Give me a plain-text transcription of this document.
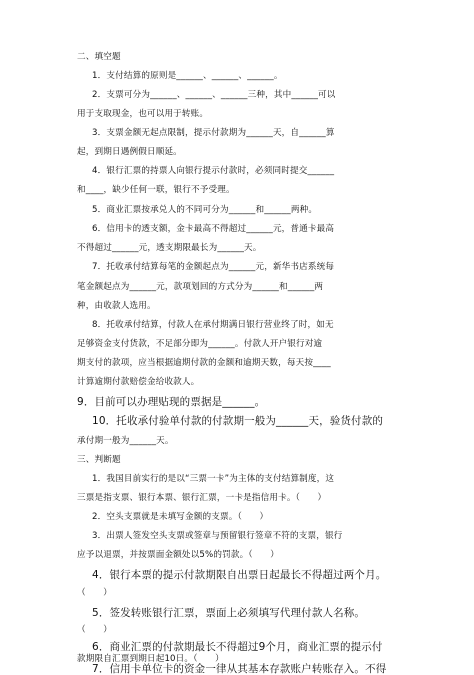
二、填空题
1．支付结算的原则是______、______、______。
2．支票可分为______、______、______三种，其中______可以
用于支取现金，也可以用于转账。
3．支票金额无起点限制，提示付款期为______天，自______算
起，到期日遇例假日顺延。
4．银行汇票的持票人向银行提示付款时，必须同时提交______
和____，缺少任何一联，银行不予受理。
5．商业汇票按承兑人的不同可分为______和______两种。
6．信用卡的透支额，金卡最高不得超过______元，普通卡最高
不得超过______元，透支期限最长为______天。
7．托收承付结算每笔的金额起点为______元，新华书店系统每
笔金额起点为______元，款项划回的方式分为______和______两
种，由收款人选用。
8．托收承付结算，付款人在承付期满日银行营业终了时，如无
足够资金支付货款，不足部分即为______。付款人开户银行对逾
期支付的款项，应当根据逾期付款的金额和逾期天数，每天按____
计算逾期付款赔偿金给收款人。
9．目前可以办理贴现的票据是______。
10．托收承付验单付款的付款期一般为______天，验货付款的
承付期一般为______天。
三、判断题
1．我国目前实行的是以“三票一卡”为主体的支付结算制度，这
三票是指支票、银行本票、银行汇票，一卡是指信用卡。（　　）
2．空头支票就是未填写金额的支票。（　　）
3．出票人签发空头支票或签章与预留银行签章不符的支票，银行
应予以退票，并按票面金额处以5%的罚款。（　　）
4．银行本票的提示付款期限自出票日起最长不得超过两个月。
（　　）
5．签发转账银行汇票，票面上必须填写代理付款人名称。
（　　）
6．商业汇票的付款期最长不得超过9个月，商业汇票的提示付
款期限自汇票到期日起10日。（　　）
7．信用卡单位卡的资金一律从其基本存款账户转账存入。不得
